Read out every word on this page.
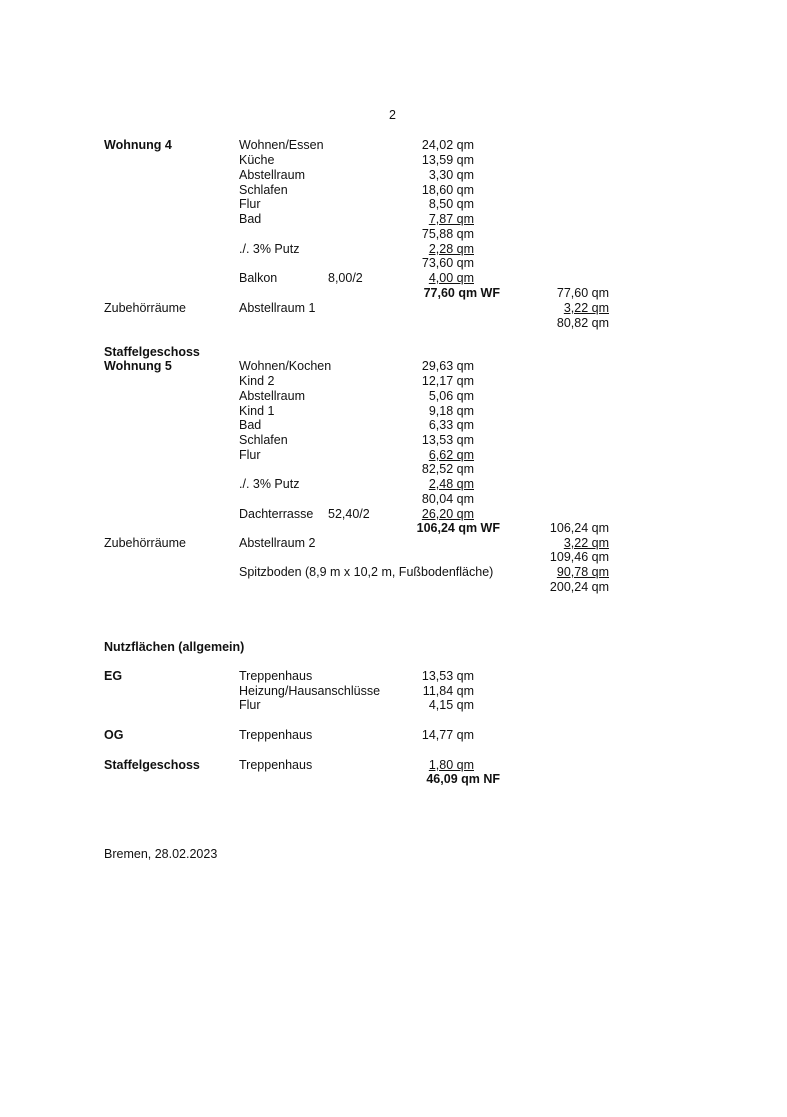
2
Wohnung 4	Wohnen/Essen	24,02 qm
Küche	13,59 qm
Abstellraum	3,30 qm
Schlafen	18,60 qm
Flur	8,50 qm
Bad	7,87 qm
75,88 qm
./. 3% Putz	2,28 qm
73,60 qm
Balkon	8,00/2	4,00 qm
77,60 qm WF	77,60 qm
Zubehörräume	Abstellraum 1	3,22 qm
80,82 qm
Staffelgeschoss
Wohnung 5	Wohnen/Kochen	29,63 qm
Kind 2	12,17 qm
Abstellraum	5,06 qm
Kind 1	9,18 qm
Bad	6,33 qm
Schlafen	13,53 qm
Flur	6,62 qm
82,52 qm
./. 3% Putz	2,48 qm
80,04 qm
Dachterrasse 52,40/2	26,20 qm
106,24 qm WF	106,24 qm
Zubehörräume	Abstellraum 2	3,22 qm
109,46 qm
Spitzboden (8,9 m x 10,2 m, Fußbodenfläche)	90,78 qm
200,24 qm
Nutzflächen (allgemein)
EG	Treppenhaus	13,53 qm
Heizung/Hausanschlüsse	11,84 qm
Flur	4,15 qm
OG	Treppenhaus	14,77 qm
Staffelgeschoss	Treppenhaus	1,80 qm
46,09 qm NF
Bremen, 28.02.2023
